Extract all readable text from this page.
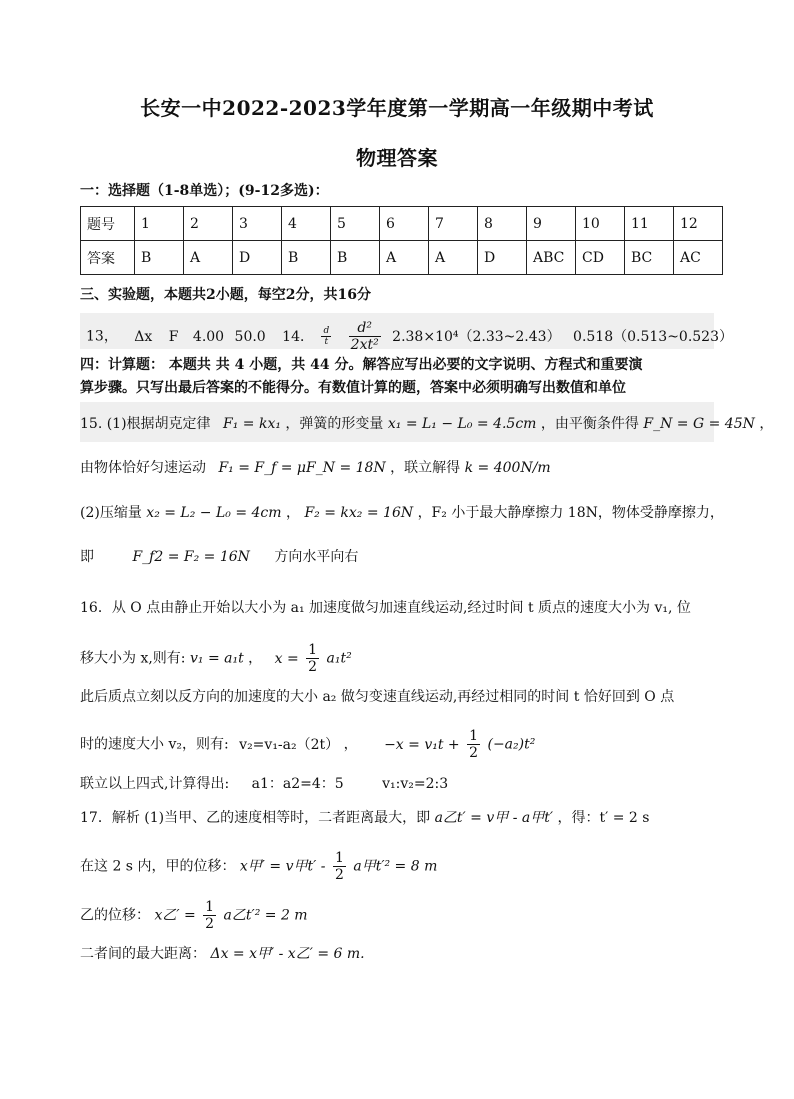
长安一中2022-2023学年度第一学期高一年级期中考试
物理答案
一：选择题（1-8单选）；(9-12多选)：
题号	1	2	3	4	5	6	7	8	9	10	11	12
答案	B	A	D	B	B	A	A	D	ABC	CD	BC	AC
三、实验题，本题共2小题，每空2分，共16分
13， Δx F 4.00 50.0 14． $\frac{d}{t}$
$\frac{\text{d²}}{\text{2xt²}}$ 2.38×10⁴（2.33~2.43） 0.518（0.513~0.523）
四：计算题： 本题共 共 4 小题，共 44 分。解答应写出必要的文字说明、方程式和重要演
算步骤。只写出最后答案的不能得分。有数值计算的题，答案中必须明确写出数值和单位
15. (1)根据胡克定律 F₁ = kx₁ ，弹簧的形变量 x₁ = L₁ − L₀ = 4.5cm ，由平衡条件得 F_N = G = 45N ，
由物体恰好匀速运动 F₁ = F_f = μF_N = 18N ，联立解得 k = 400N/m
(2)压缩量 x₂ = L₂ − L₀ = 4cm ， F₂ = kx₂ = 16N ，F₂ 小于最大静摩擦力 18N，物体受静摩擦力，
即	F_f2 = F₂ = 16N 方向水平向右
16．从 O 点由静止开始以大小为 a₁ 加速度做匀加速直线运动,经过时间 t 质点的速度大小为 v₁, 位
移大小为 x,则有: v₁ = a₁t ， $x = \frac{1}{2} a_1t^2$
此后质点立刻以反方向的加速度的大小 a₂ 做匀变速直线运动,再经过相同的时间 t 恰好回到 O 点
时的速度大小 v₂，则有: v₂=v₁-a₂（2t） ， $-x = v_1t + \frac{1}{2} (-a_2)t^2$
联立以上四式,计算得出: a1：a2=4：5	v₁:v₂=2:3
17．解析 (1)当甲、乙的速度相等时，二者距离最大，即 a乙t′ = v甲 - a甲t′ ，得：t′ = 2 s
在这 2 s 内，甲的位移： x甲′ = v甲$t' - \frac{1}{2}$ a甲t′² = 8 m
乙的位移： x乙′ = $\frac{1}{2}$ a乙t′² = 2 m
二者间的最大距离： Δx = x甲′ - x乙′ = 6 m.
